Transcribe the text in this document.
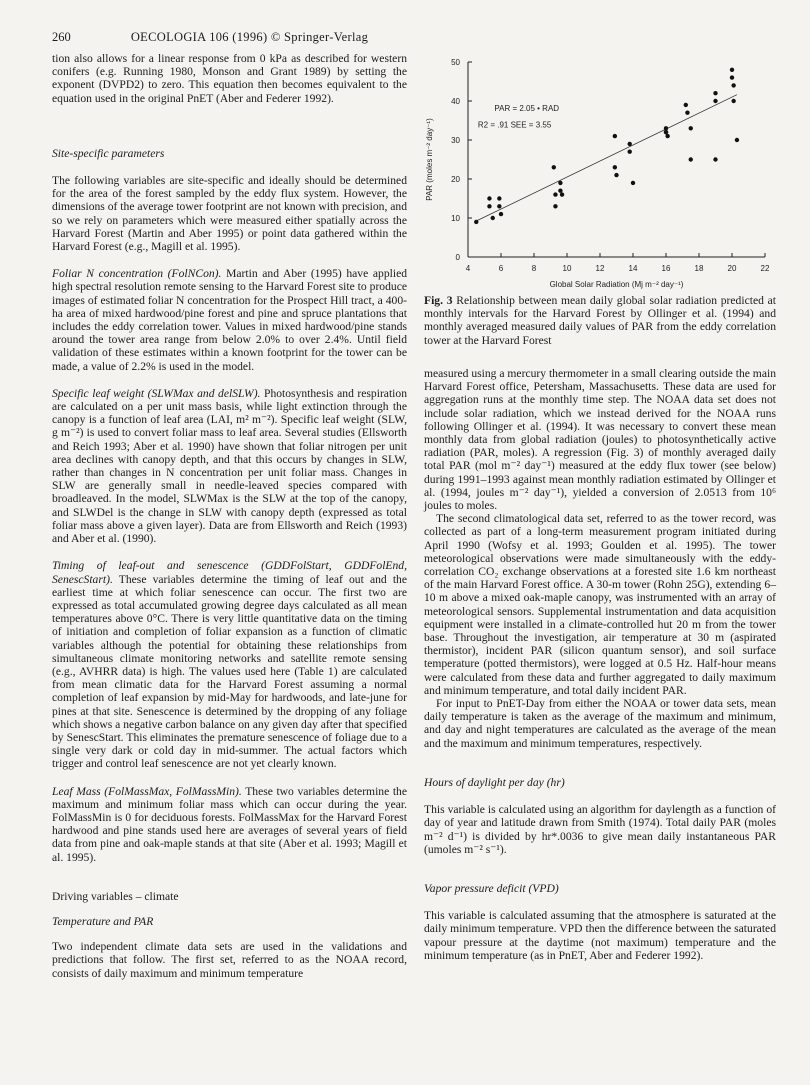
260	OECOLOGIA 106 (1996) © Springer-Verlag

tion also allows for a linear response from 0 kPa as described for western conifers (e.g. Running 1980, Monson and Grant 1989) by setting the exponent (DVPD2) to zero. This equation then becomes equivalent to the equation used in the original PnET (Aber and Federer 1992).

Site-specific parameters

The following variables are site-specific and ideally should be determined for the area of the forest sampled by the eddy flux system. However, the dimensions of the average tower footprint are not known with precision, and so we rely on parameters which were measured either spatially across the Harvard Forest (Martin and Aber 1995) or point data gathered within the Harvard Forest (e.g., Magill et al. 1995).

Foliar N concentration (FolNCon). Martin and Aber (1995) have applied high spectral resolution remote sensing to the Harvard Forest site to produce images of estimated foliar N concentration for the Prospect Hill tract, a 400-ha area of mixed hardwood/pine forest and pine and spruce plantations that includes the eddy correlation tower. Values in mixed hardwood/pine stands around the tower area range from below 2.0% to over 2.4%. Until field validation of these estimates within a known footprint for the tower can be made, a value of 2.2% is used in the model.

Specific leaf weight (SLWMax and delSLW). Photosynthesis and respiration are calculated on a per unit mass basis, while light extinction through the canopy is a function of leaf area (LAI, m² m⁻²). Specific leaf weight (SLW, g m⁻²) is used to convert foliar mass to leaf area. Several studies (Ellsworth and Reich 1993; Aber et al. 1990) have shown that foliar nitrogen per unit area declines with canopy depth, and that this occurs by changes in SLW, rather than changes in N concentration per unit foliar mass. Changes in SLW are generally small in needle-leaved species compared with broadleaved. In the model, SLWMax is the SLW at the top of the canopy, and SLWDel is the change in SLW with canopy depth (expressed as total foliar mass above a given layer). Data are from Ellsworth and Reich (1993) and Aber et al. (1990).

Timing of leaf-out and senescence (GDDFolStart, GDDFolEnd, SenescStart). These variables determine the timing of leaf out and the earliest time at which foliar senescence can occur. The first two are expressed as total accumulated growing degree days calculated as all mean temperatures above 0°C. There is very little quantitative data on the timing of initiation and completion of foliar expansion as a function of climatic variables although the potential for obtaining these relationships from simultaneous climate monitoring networks and satellite remote sensing (e.g., AVHRR data) is high. The values used here (Table 1) are calculated from mean climatic data for the Harvard Forest assuming a normal completion of leaf expansion by mid-May for hardwoods, and late-june for pines at that site. Senescence is determined by the dropping of any foliage which shows a negative carbon balance on any given day after that specified by SenescStart. This eliminates the premature senescence of foliage due to a single very dark or cold day in mid-summer. The actual factors which trigger and control leaf senescence are not yet clearly known.

Leaf Mass (FolMassMax, FolMassMin). These two variables determine the maximum and minimum foliar mass which can occur during the year. FolMassMin is 0 for deciduous forests. FolMassMax for the Harvard Forest hardwood and pine stands used here are averages of several years of field data from pine and oak-maple stands at that site (Aber et al. 1993; Magill et al. 1995).

Driving variables – climate

Temperature and PAR

Two independent climate data sets are used in the validations and predictions that follow. The first set, referred to as the NOAA record, consists of daily maximum and minimum temperature

0
10
20
30
40
50
4	6	8	10	12	14	16	18	20	22
Global Solar Radiation (Mj m⁻² day⁻¹)
PAR (moles m⁻² day⁻¹)
PAR = 2.05 • RAD
R2 = .91 SEE = 3.55
Fig. 3 Relationship between mean daily global solar radiation predicted at monthly intervals for the Harvard Forest by Ollinger et al. (1994) and monthly averaged measured daily values of PAR from the eddy correlation tower at the Harvard Forest

measured using a mercury thermometer in a small clearing outside the main Harvard Forest office, Petersham, Massachusetts. These data are used for aggregation runs at the monthly time step. The NOAA data set does not include solar radiation, which we instead derived for the NOAA runs following Ollinger et al. (1994). It was necessary to convert these mean monthly data from global radiation (joules) to photosynthetically active radiation (PAR, moles). A regression (Fig. 3) of monthly averaged daily total PAR (mol m⁻² day⁻¹) measured at the eddy flux tower (see below) during 1991–1993 against mean monthly radiation estimated by Ollinger et al. (1994, joules m⁻² day⁻¹), yielded a conversion of 2.0513 from 10⁶ joules to moles.

The second climatological data set, referred to as the tower record, was collected as part of a long-term measurement program initiated during April 1990 (Wofsy et al. 1993; Goulden et al. 1995). The tower meteorological observations were made simultaneously with the eddy-correlation CO₂ exchange observations at a forested site 1.6 km northeast of the main Harvard Forest office. A 30-m tower (Rohn 25G), extending 6–10 m above a mixed oak-maple canopy, was instrumented with an array of meteorological sensors. Supplemental instrumentation and data acquisition equipment were installed in a climate-controlled hut 20 m from the tower base. Throughout the investigation, air temperature at 30 m (aspirated thermistor), incident PAR (silicon quantum sensor), and soil surface temperature (potted thermistors), were logged at 0.5 Hz. Half-hour means were calculated from these data and further aggregated to daily maximum and minimum temperature, and total daily incident PAR.

For input to PnET-Day from either the NOAA or tower data sets, mean daily temperature is taken as the average of the maximum and minimum, and day and night temperatures are calculated as the average of the mean and the maximum and minimum temperatures, respectively.

Hours of daylight per day (hr)

This variable is calculated using an algorithm for daylength as a function of day of year and latitude drawn from Smith (1974). Total daily PAR (moles m⁻² d⁻¹) is divided by hr*.0036 to give mean daily instantaneous PAR (umoles m⁻² s⁻¹).

Vapor pressure deficit (VPD)

This variable is calculated assuming that the atmosphere is saturated at the daily minimum temperature. VPD then the difference between the saturated vapour pressure at the daytime (not maximum) temperature and the minimum temperature (as in PnET, Aber and Federer 1992).
